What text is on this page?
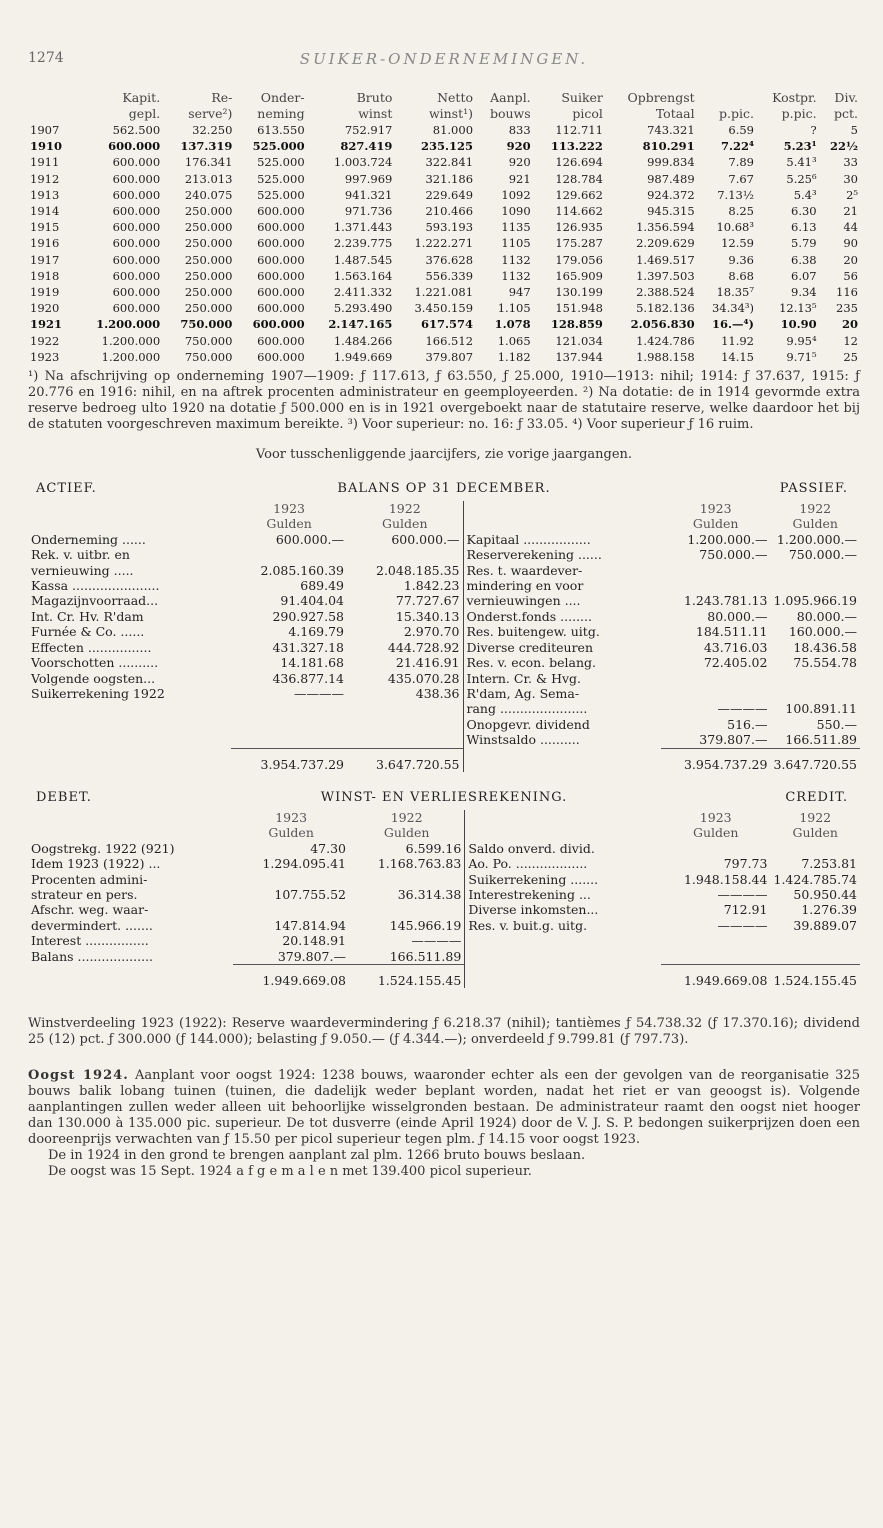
1274	SUIKER-ONDERNEMINGEN.
	Kapit.	Re-	Onder-	Bruto	Netto	Aanpl.	Suiker	Opbrengst		Kostpr.	Div.
	gepl.	serve²)	neming	winst	winst¹)	bouws	picol	Totaal	p.pic.	p.pic.	pct.
1907	562.500	32.250	613.550	752.917	81.000	833	112.711	743.321	6.59	?	5
1910	600.000	137.319	525.000	827.419	235.125	920	113.222	810.291	7.22⁴	5.23¹	22½
1911	600.000	176.341	525.000	1.003.724	322.841	920	126.694	999.834	7.89	5.41³	33
1912	600.000	213.013	525.000	997.969	321.186	921	128.784	987.489	7.67	5.25⁶	30
1913	600.000	240.075	525.000	941.321	229.649	1092	129.662	924.372	7.13½	5.4³	2⁵
1914	600.000	250.000	600.000	971.736	210.466	1090	114.662	945.315	8.25	6.30	21
1915	600.000	250.000	600.000	1.371.443	593.193	1135	126.935	1.356.594	10.68³	6.13	44
1916	600.000	250.000	600.000	2.239.775	1.222.271	1105	175.287	2.209.629	12.59	5.79	90
1917	600.000	250.000	600.000	1.487.545	376.628	1132	179.056	1.469.517	9.36	6.38	20
1918	600.000	250.000	600.000	1.563.164	556.339	1132	165.909	1.397.503	8.68	6.07	56
1919	600.000	250.000	600.000	2.411.332	1.221.081	947	130.199	2.388.524	18.35⁷	9.34	116
1920	600.000	250.000	600.000	5.293.490	3.450.159	1.105	151.948	5.182.136	34.34³)	12.13⁵	235
1921	1.200.000	750.000	600.000	2.147.165	617.574	1.078	128.859	2.056.830	16.—⁴)	10.90	20
1922	1.200.000	750.000	600.000	1.484.266	166.512	1.065	121.034	1.424.786	11.92	9.95⁴	12
1923	1.200.000	750.000	600.000	1.949.669	379.807	1.182	137.944	1.988.158	14.15	9.71⁵	25
¹) Na afschrijving op onderneming 1907—1909: ƒ 117.613, ƒ 63.550, ƒ 25.000, 1910—1913: nihil; 1914: ƒ 37.637, 1915: ƒ 20.776 en 1916: nihil, en na aftrek procenten administrateur en geemployeerden. ²) Na dotatie: de in 1914 gevormde extra reserve bedroeg ulto 1920 na dotatie ƒ 500.000 en is in 1921 overgeboekt naar de statutaire reserve, welke daardoor het bij de statuten voorgeschreven maximum bereikte. ³) Voor superieur: no. 16: ƒ 33.05. ⁴) Voor superieur ƒ 16 ruim.
Voor tusschenliggende jaarcijfers, zie vorige jaargangen.
ACTIEF.	BALANS OP 31 DECEMBER.	PASSIEF.
	1923	1922			1923	1922
	Gulden	Gulden			Gulden	Gulden
Onderneming ......	600.000.—	600.000.—		Kapitaal .................	1.200.000.—	1.200.000.—
Rek. v. uitbr. en				Reserverekening ......	750.000.—	750.000.—
vernieuwing .....	2.085.160.39	2.048.185.35		Res. t. waardever-		
Kassa ......................	689.49	1.842.23		mindering en voor		
Magazijnvoorraad...	91.404.04	77.727.67		vernieuwingen ....	1.243.781.13	1.095.966.19
Int. Cr. Hv. R'dam	290.927.58	15.340.13		Onderst.fonds ........	80.000.—	80.000.—
Furnée & Co. ......	4.169.79	2.970.70		Res. buitengew. uitg.	184.511.11	160.000.—
Effecten ................	431.327.18	444.728.92		Diverse crediteuren	43.716.03	18.436.58
Voorschotten ..........	14.181.68	21.416.91		Res. v. econ. belang.	72.405.02	75.554.78
Volgende oogsten...	436.877.14	435.070.28		Intern. Cr. & Hvg.		
Suikerrekening 1922	————	438.36		R'dam, Ag. Sema-		
				rang ......................	————	100.891.11
				Onopgevr. dividend	516.—	550.—
				Winstsaldo ..........	379.807.—	166.511.89
	3.954.737.29	3.647.720.55			3.954.737.29	3.647.720.55
DEBET.	WINST- EN VERLIESREKENING.	CREDIT.
	1923	1922			1923	1922
	Gulden	Gulden			Gulden	Gulden
Oogstrekg. 1922 (921)	47.30	6.599.16		Saldo onverd. divid.		
Idem 1923 (1922) ...	1.294.095.41	1.168.763.83		Ao. Po. ..................	797.73	7.253.81
Procenten admini-				Suikerrekening .......	1.948.158.44	1.424.785.74
strateur en pers.	107.755.52	36.314.38		Interestrekening ...	————	50.950.44
Afschr. weg. waar-				Diverse inkomsten...	712.91	1.276.39
devermindert. .......	147.814.94	145.966.19		Res. v. buit.g. uitg.	————	39.889.07
Interest ................	20.148.91	————				
Balans ...................	379.807.—	166.511.89				
	1.949.669.08	1.524.155.45			1.949.669.08	1.524.155.45
Winstverdeeling 1923 (1922): Reserve waardevermindering ƒ 6.218.37 (nihil); tantièmes ƒ 54.738.32 (ƒ 17.370.16); dividend 25 (12) pct. ƒ 300.000 (ƒ 144.000); belasting ƒ 9.050.— (ƒ 4.344.—); onverdeeld ƒ 9.799.81 (ƒ 797.73).
Oogst 1924. Aanplant voor oogst 1924: 1238 bouws, waaronder echter als een der gevolgen van de reorganisatie 325 bouws balik lobang tuinen (tuinen, die dadelijk weder beplant worden, nadat het riet er van geoogst is). Volgende aanplantingen zullen weder alleen uit behoorlijke wisselgronden bestaan. De administrateur raamt den oogst niet hooger dan 130.000 à 135.000 pic. superieur. De tot dusverre (einde April 1924) door de V. J. S. P. bedongen suikerprijzen doen een dooreenprijs verwachten van ƒ 15.50 per picol superieur tegen plm. ƒ 14.15 voor oogst 1923.
De in 1924 in den grond te brengen aanplant zal plm. 1266 bruto bouws beslaan.
De oogst was 15 Sept. 1924 a f g e m a l e n met 139.400 picol superieur.
